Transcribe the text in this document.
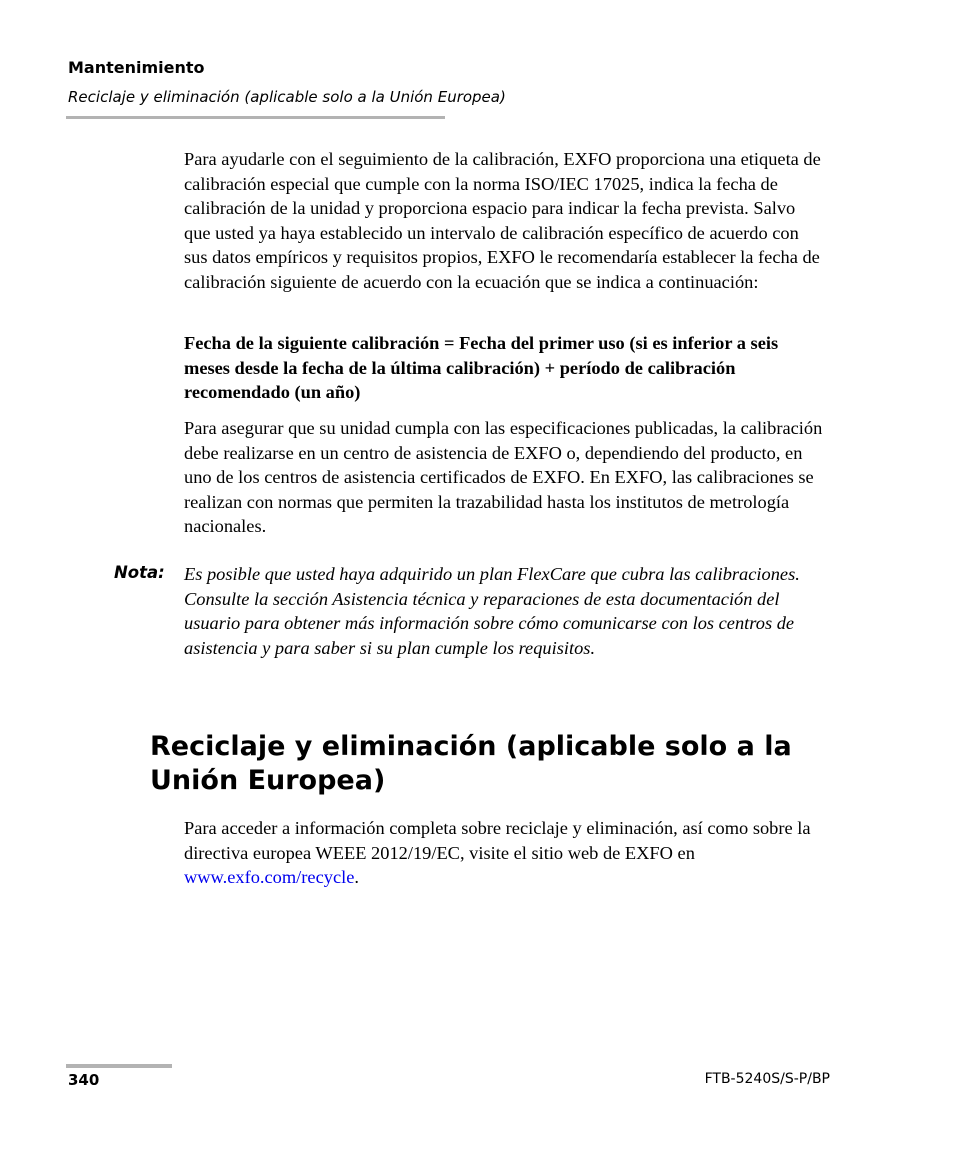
Mantenimiento
Reciclaje y eliminación (aplicable solo a la Unión Europea)

Para ayudarle con el seguimiento de la calibración, EXFO proporciona una etiqueta de calibración especial que cumple con la norma ISO/IEC 17025, indica la fecha de calibración de la unidad y proporciona espacio para indicar la fecha prevista. Salvo que usted ya haya establecido un intervalo de calibración específico de acuerdo con sus datos empíricos y requisitos propios, EXFO le recomendaría establecer la fecha de calibración siguiente de acuerdo con la ecuación que se indica a continuación:

Fecha de la siguiente calibración = Fecha del primer uso (si es inferior a seis meses desde la fecha de la última calibración) + período de calibración recomendado (un año)

Para asegurar que su unidad cumpla con las especificaciones publicadas, la calibración debe realizarse en un centro de asistencia de EXFO o, dependiendo del producto, en uno de los centros de asistencia certificados de EXFO. En EXFO, las calibraciones se realizan con normas que permiten la trazabilidad hasta los institutos de metrología nacionales.

Nota: Es posible que usted haya adquirido un plan FlexCare que cubra las calibraciones. Consulte la sección Asistencia técnica y reparaciones de esta documentación del usuario para obtener más información sobre cómo comunicarse con los centros de asistencia y para saber si su plan cumple los requisitos.

Reciclaje y eliminación (aplicable solo a la Unión Europea)

Para acceder a información completa sobre reciclaje y eliminación, así como sobre la directiva europea WEEE 2012/19/EC, visite el sitio web de EXFO en www.exfo.com/recycle.

340	FTB-5240S/S-P/BP
